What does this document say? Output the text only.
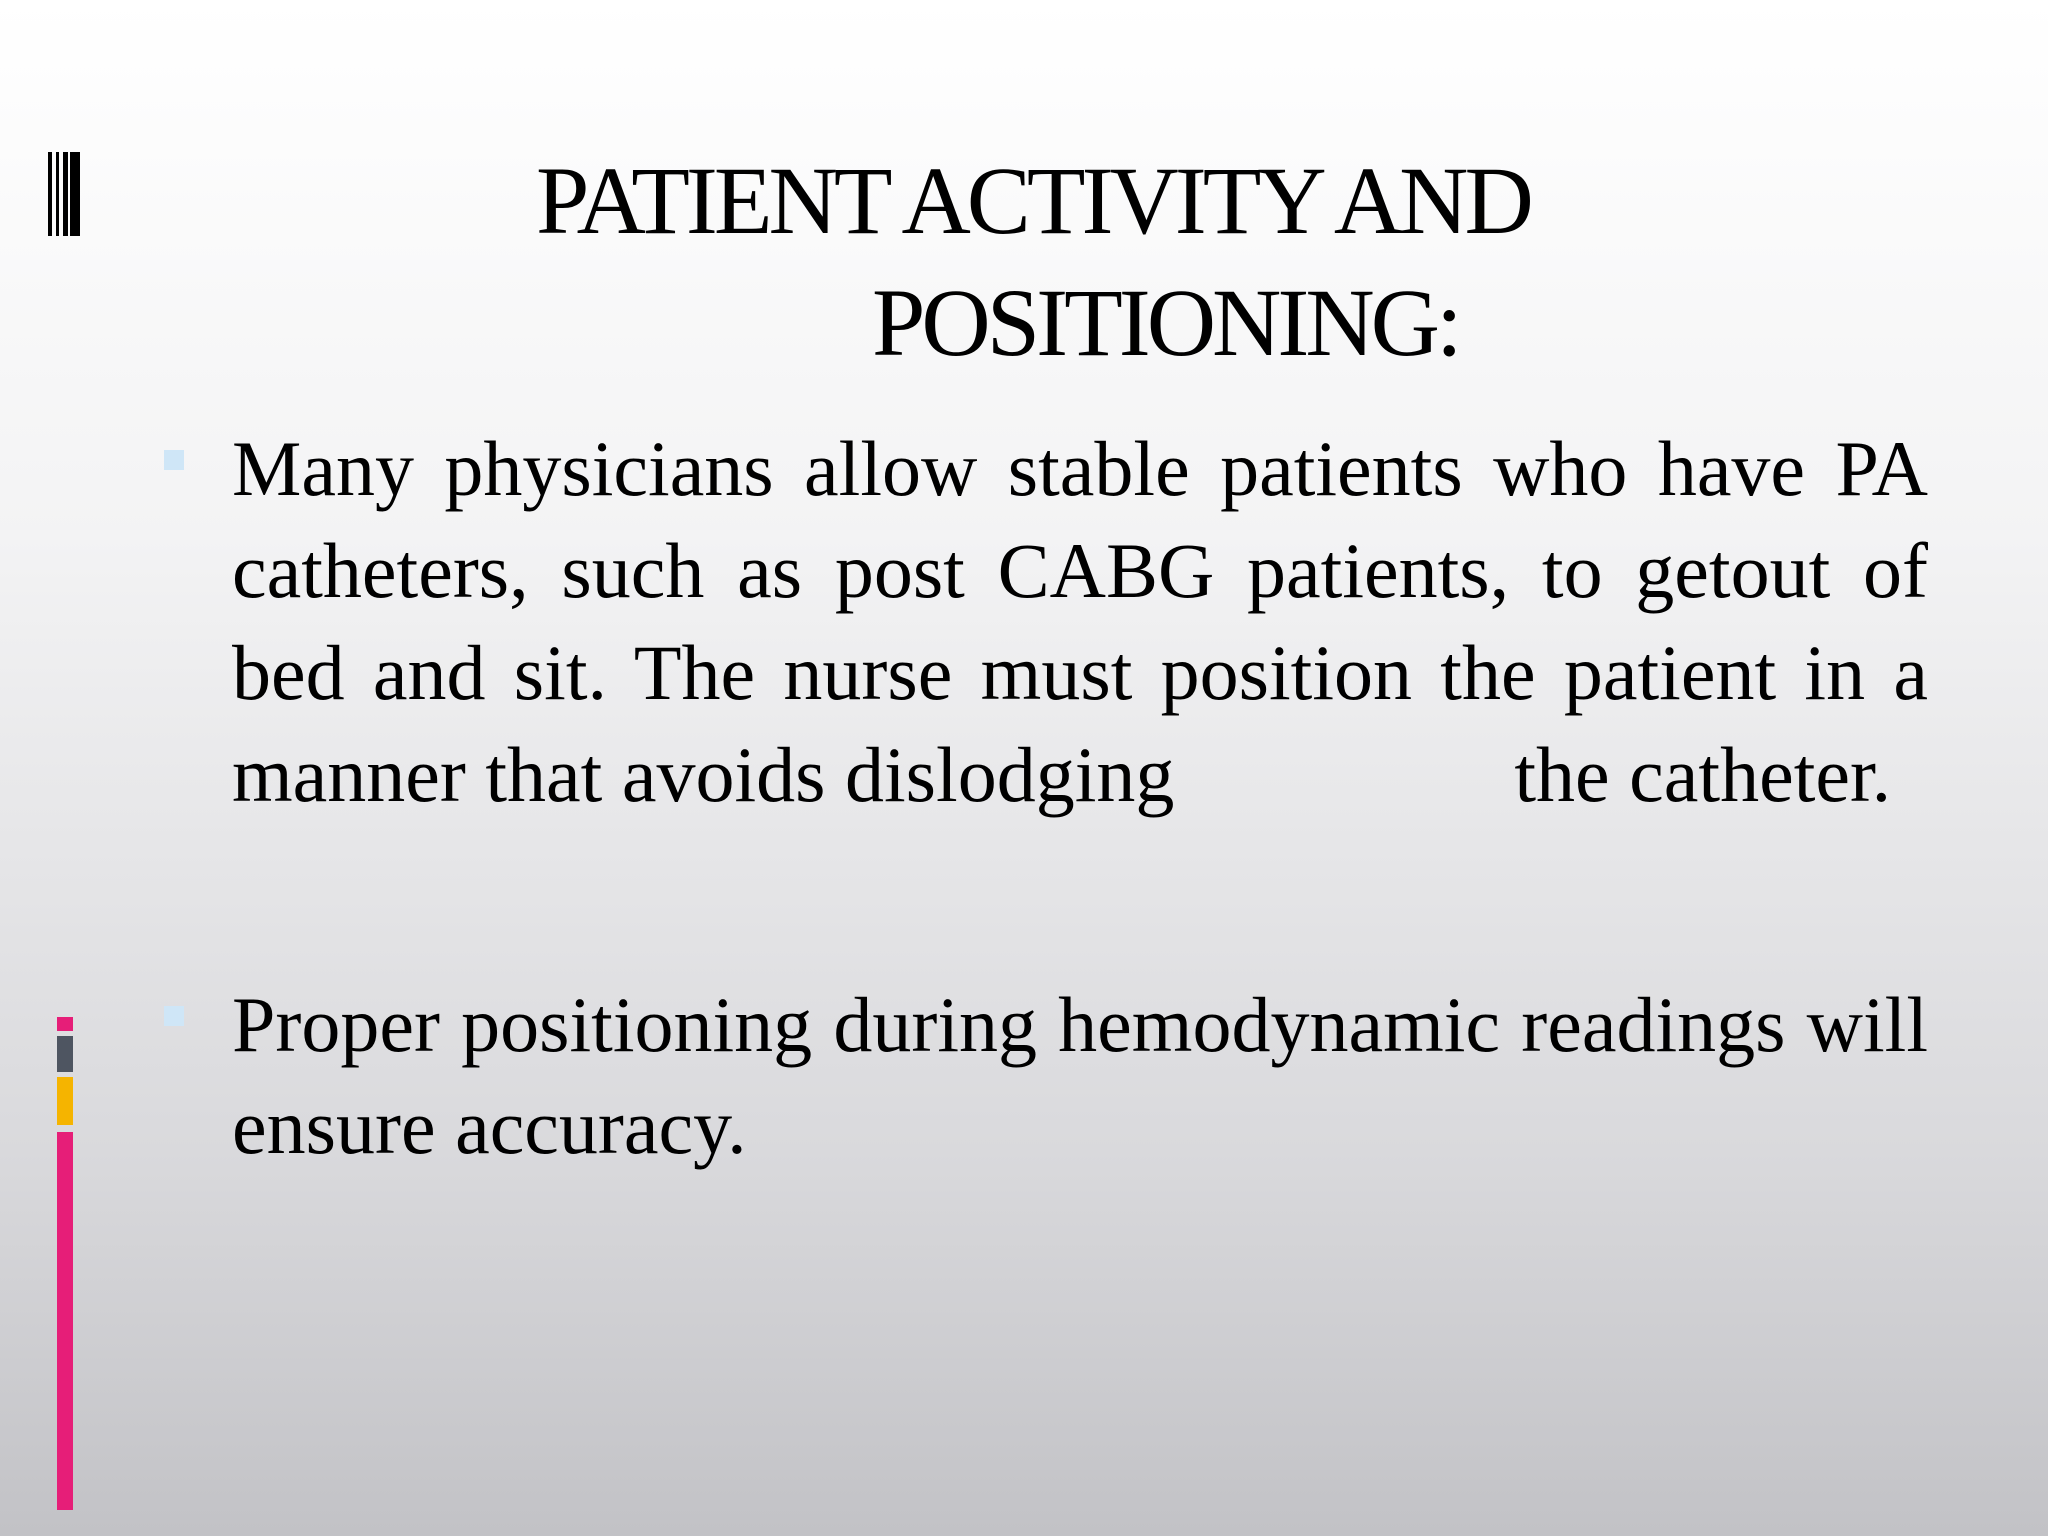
PATIENT ACTIVITY AND
POSITIONING:
Many physicians allow stable patients who have PA catheters, such as post CABG patients, to getout of bed and sit. The nurse must position the patient in a manner that avoids dislodging	the catheter.
Proper positioning during hemodynamic readings will ensure accuracy.
